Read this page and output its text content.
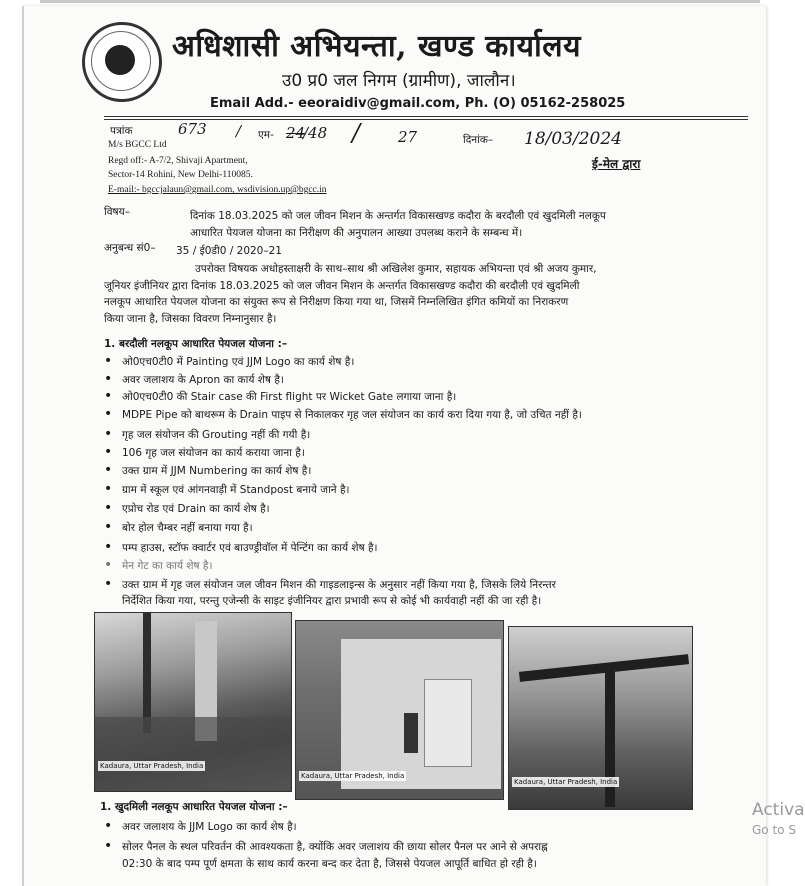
अधिशासी अभियन्ता, खण्ड कार्यालय
उ0 प्र0 जल निगम (ग्रामीण), जालौन।
Email Add.- eeoraidiv@gmail.com, Ph. (O) 05162-258025
पत्रांक	673 / एम- 24
/48 /	27	दिनांक– 18/03/2024
ई-मेल द्वारा
M/s BGCC Ltd
Regd off:- A-7/2, Shivaji Apartment,
Sector-14 Rohini, New Delhi-110085.
E-mail:- bgccjalaun@gmail.com, wsdivision.up@bgcc.in
विषय–	दिनांक 18.03.2025 को जल जीवन मिशन के अन्तर्गत विकासखण्ड कदौरा के बरदौली एवं खुदमिली नलकूप
आधारित पेयजल योजना का निरीक्षण की अनुपालन आख्या उपलब्ध कराने के सम्बन्ध में।
अनुबन्ध सं0– 35 / ई0डी0 / 2020–21
उपरोक्त विषयक अधोहस्ताक्षरी के साथ–साथ श्री अखिलेश कुमार, सहायक अभियन्ता एवं श्री अजय कुमार,
जूनियर इंजीनियर द्वारा दिनांक 18.03.2025 को जल जीवन मिशन के अन्तर्गत विकासखण्ड कदौरा की बरदौली एवं खुदमिली
नलकूप आधारित पेयजल योजना का संयुक्त रूप से निरीक्षण किया गया था, जिसमें निम्नलिखित इंगित कमियों का निराकरण
किया जाना है, जिसका विवरण निम्नानुसार है।
1. बरदौली नलकूप आधारित पेयजल योजना :–
• ओ0एच0टी0 में Painting एवं JJM Logo का कार्य शेष है।
• अवर जलाशय के Apron का कार्य शेष है।
• ओ0एच0टी0 की Stair case की First flight पर Wicket Gate लगाया जाना है।
• MDPE Pipe को बाथरूम के Drain पाइप से निकालकर गृह जल संयोजन का कार्य करा दिया गया है, जो उचित नहीं है।
• गृह जल संयोजन की Grouting नहीं की गयी है।
• 106 गृह जल संयोजन का कार्य कराया जाना है।
• उक्त ग्राम में JJM Numbering का कार्य शेष है।
• ग्राम में स्कूल एवं आंगनवाड़ी में Standpost बनाये जाने है।
• एप्रोच रोड एवं Drain का कार्य शेष है।
• बोर होल चैम्बर नहीं बनाया गया है।
• पम्प हाउस, स्टॉफ क्वार्टर एवं बाउण्ड्रीवॉल में पेन्टिंग का कार्य शेष है।
• मेन गेट का कार्य शेष है।
• उक्त ग्राम में गृह जल संयोजन जल जीवन मिशन की गाइडलाइन्स के अनुसार नहीं किया गया है, जिसके लिये निरन्तर
निर्देशित किया गया, परन्तु एजेन्सी के साइट इंजीनियर द्वारा प्रभावी रूप से कोई भी कार्यवाही नहीं की जा रही है।
Kadaura, Uttar Pradesh, India
Kadaura, Uttar Pradesh, India
Kadaura, Uttar Pradesh, India
1. खुदमिली नलकूप आधारित पेयजल योजना :–
• अवर जलाशय के JJM Logo का कार्य शेष है।
• सोलर पैनल के स्थल परिवर्तन की आवश्यकता है, क्योंकि अवर जलाशय की छाया सोलर पैनल पर आने से अपराह्न
02:30 के बाद पम्प पूर्ण क्षमता के साथ कार्य करना बन्द कर देता है, जिससे पेयजल आपूर्ति बाधित हो रही है।
Activa
Go to S
